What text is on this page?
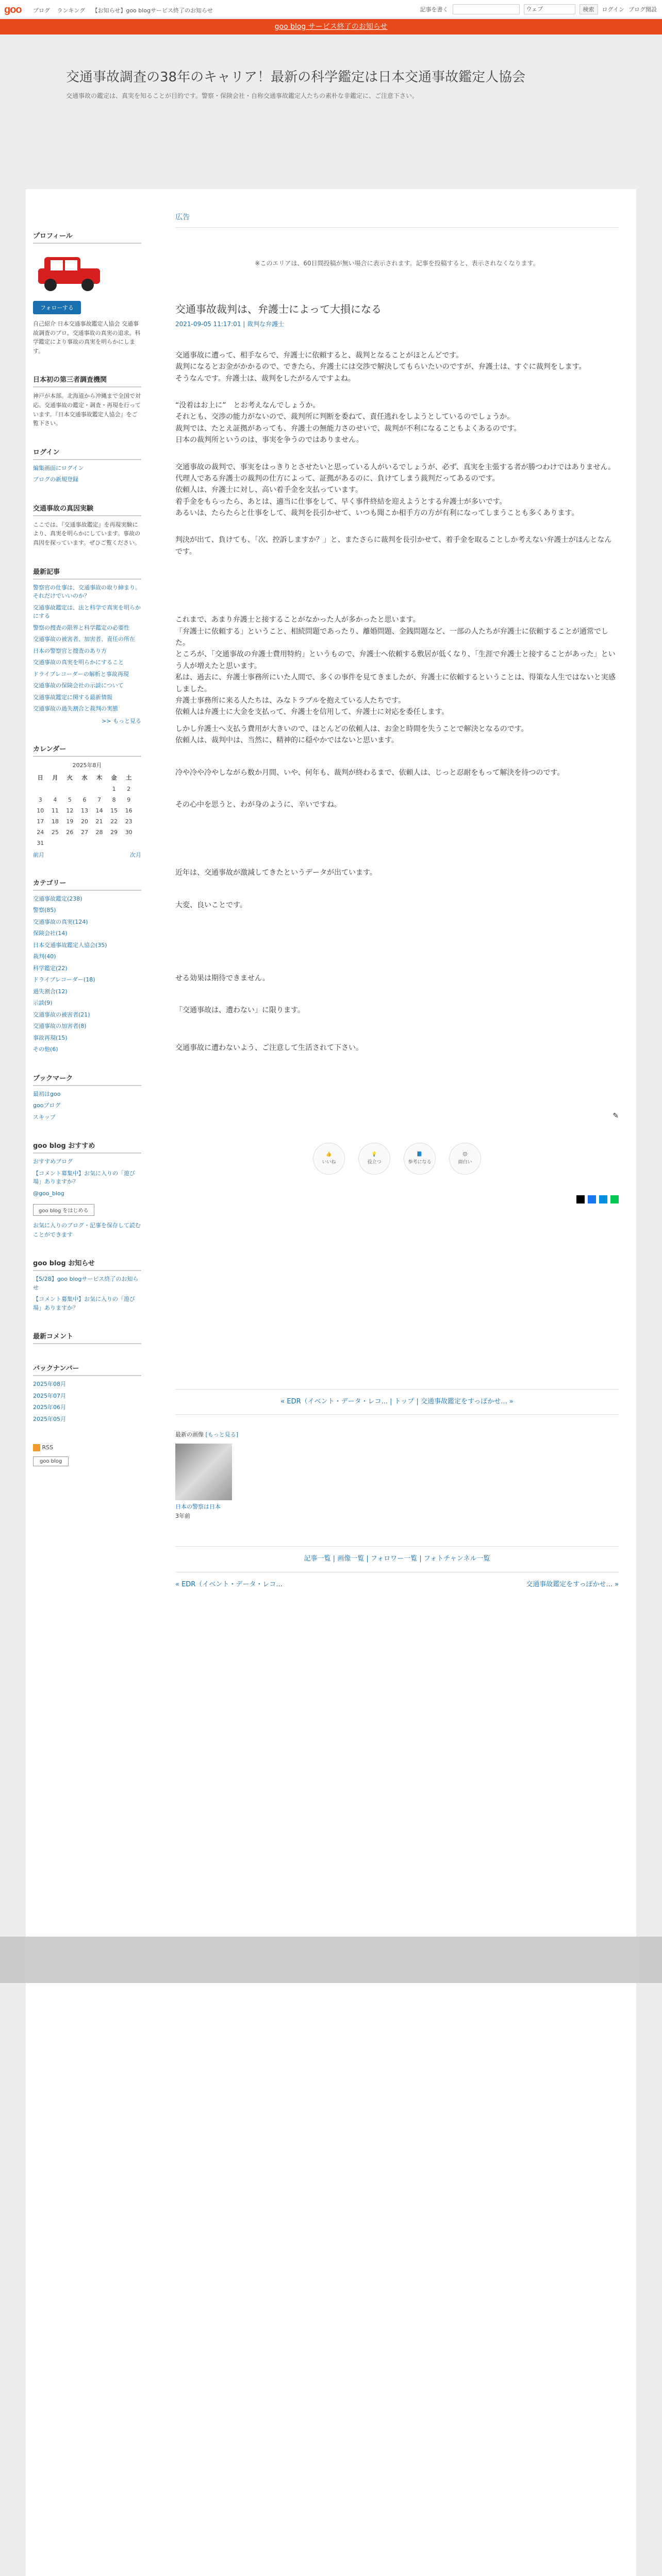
goo ブログ ランキング 【お知らせ】goo blogサービス終了のお知らせ	記事を書く	ウェブ	検索	ログイン ブログ開設
goo blog サービス終了のお知らせ
交通事故調査の38年のキャリア！最新の科学鑑定は日本交通事故鑑定人協会

交通事故の鑑定は、真実を知ることが目的です。警察・保険会社・自称交通事故鑑定人たちの素朴な非鑑定に、ご注意下さい。

プロフィール
フォローする

自己紹介 日本交通事故鑑定人協会 交通事故調査のプロ。交通事故の真実の追求。科学鑑定により事故の真実を明らかにします。

日本初の第三者調査機関

神戸が本部。北海道から沖縄まで全国で対応。交通事故の鑑定・調査・再現を行っています。『日本交通事故鑑定人協会』をご覧下さい。

ログイン
編集画面にログイン
ブログの新規登録
交通事故の真因実験

ここでは、『交通事故鑑定』を再現実験により、真実を明らかにしています。事故の真因を探っています。ぜひご覧ください。

最新記事
警察官の仕事は、交通事故の取り締まり。それだけでいいのか？
交通事故鑑定は、法と科学で真実を明らかにする
警察の捜査の限界と科学鑑定の必要性
交通事故の被害者、加害者、責任の所在
日本の警察官と捜査のあり方
交通事故の真実を明らかにすること
ドライブレコーダーの解析と事故再現
交通事故の保険会社の示談について
交通事故鑑定に関する最新情報
交通事故の過失割合と裁判の実態
>> もっと見る
カレンダー
2025年8月
日	月	火	水	木	金	土
					1	2
3	4	5	6	7	8	9
10	11	12	13	14	15	16
17	18	19	20	21	22	23
24	25	26	27	28	29	30
31						
前月	次月
カテゴリー
交通事故鑑定(238)
警察(85)
交通事故の真実(124)
保険会社(14)
日本交通事故鑑定人協会(35)
裁判(40)
科学鑑定(22)
ドライブレコーダー(18)
過失割合(12)
示談(9)
交通事故の被害者(21)
交通事故の加害者(8)
事故再現(15)
その他(6)
ブックマーク
最初はgoo
gooブログ
スキップ
goo blog おすすめ
おすすめブログ
【コメント募集中】お気に入りの「遊び場」ありますか？
@goo_blog
goo blog をはじめる

お気に入りのブログ・記事を保存して読むことができます

goo blog お知らせ
【5/28】goo blogサービス終了のお知らせ
【コメント募集中】お気に入りの「遊び場」ありますか？
最新コメント
バックナンバー
2025年08月
2025年07月
2025年06月
2025年05月
RSS
goo blog
広告
※このエリアは、60日間投稿が無い場合に表示されます。記事を投稿すると、表示されなくなります。
交通事故裁判は、弁護士によって大損になる
2021-09-05 11:17:01 | 裁判な弁護士

交通事故に遭って、相手ならで、弁護士に依頼すると、裁判となることがほとんどです。

裁判になるとお金がかかるので、できたら、弁護士には交渉で解決してもらいたいのですが、弁護士は、すぐに裁判をします。

そうなんです。弁護士は、裁判をしたがるんですよね。

“没着はお上に”　とお考えなんでしょうか。

それとも、交渉の能力がないので、裁判所に判断を委ねて、責任逃れをしようとしているのでしょうか。

裁判では、たとえ証拠があっても、弁護士の無能力さのせいで、裁判が不利になることもよくあるのです。

日本の裁判所というのは、事実を争うのではありません。

交通事故の裁判で、事実をはっきりとさせたいと思っている人がいるでしょうが、必ず、真実を主張する者が勝つわけではありません。

代理人である弁護士の裁判の仕方によって、証拠があるのに、負けてしまう裁判だってあるのです。

依頼人は、弁護士に対し、高い着手金を支払っています。

着手金をもらったら、あとは、適当に仕事をして、早く事件終結を迎えようとする弁護士が多いです。

あるいは、たらたらと仕事をして、裁判を長引かせて、いつも聞こか相手方の方が有利になってしまうことも多くあります。

判決が出て、負けても、「次、控訴しますか？」と、またさらに裁判を長引かせて、着手金を取ることしか考えない弁護士がほんとなんです。

これまで、あまり弁護士と接することがなかった人が多かったと思います。

「弁護士に依頼する」ということ、相続問題であったり、離婚問題、金銭問題など、一部の人たちが弁護士に依頼することが通常でした。

ところが、「交通事故の弁護士費用特約」というもので、弁護士へ依頼する敷居が低くなり、「生涯で弁護士と接することがあった」という人が増えたと思います。

私は、過去に、弁護士事務所にいた人間で、多くの事件を見てきましたが、弁護士に依頼するということは、得策な人生ではないと実感しました。

弁護士事務所に来る人たちは、みなトラブルを抱えている人たちです。

依頼人は弁護士に大金を支払って、弁護士を信用して、弁護士に対応を委任します。

しかし弁護士へ支払う費用が大きいので、ほとんどの依頼人は、お金と時間を失うことで解決となるのです。

依頼人は、裁判中は、当然に、精神的に穏やかではないと思います。

冷や冷や冷やしながら数か月間、いや、何年も、裁判が終わるまで、依頼人は、じっと忍耐をもって解決を待つのです。

その心中を思うと、わが身のように、辛いですね。

近年は、交通事故が激減してきたというデータが出ています。

大変、良いことです。

せる効果は期待できません。

「交通事故は、遭わない」に限ります。

交通事故に遭わないよう、ご注意して生活されて下さい。

✎
👍
いいね
💡
役立つ
📘
参考になる
😊
面白い
« EDR（イベント・データ・レコ... | トップ | 交通事故鑑定をすっぽかせ... »
最新の画像 [もっと見る]
日本の警察は日本
3年前
記事一覧 | 画像一覧 | フォロワー一覧 | フォトチャンネル一覧
« EDR（イベント・データ・レコ...	交通事故鑑定をすっぽかせ... »
